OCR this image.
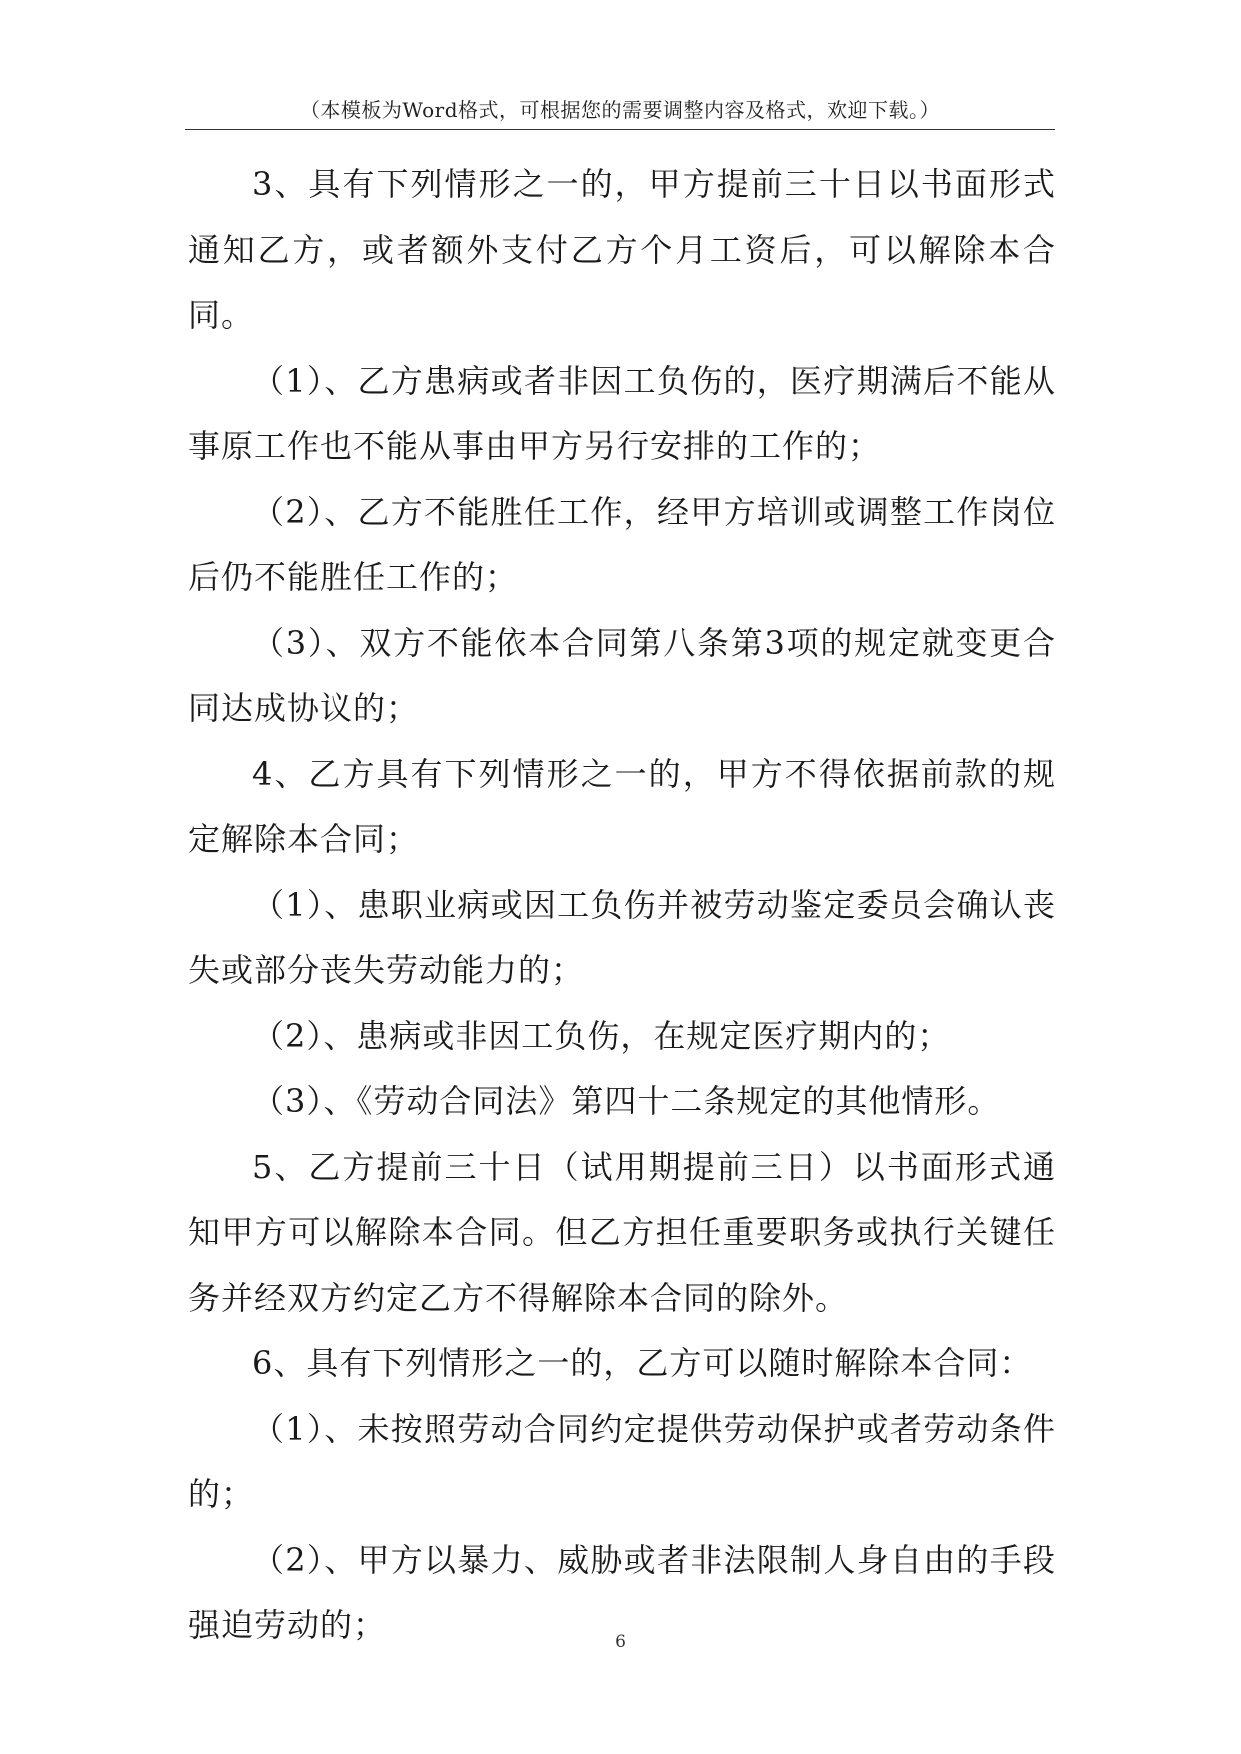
（本模板为Word格式，可根据您的需要调整内容及格式，欢迎下载。）

3、具有下列情形之一的，甲方提前三十日以书面形式通知乙方，或者额外支付乙方个月工资后，可以解除本合同。

（1）、乙方患病或者非因工负伤的，医疗期满后不能从事原工作也不能从事由甲方另行安排的工作的；

（2）、乙方不能胜任工作，经甲方培训或调整工作岗位后仍不能胜任工作的；

（3）、双方不能依本合同第八条第3项的规定就变更合同达成协议的；

4、乙方具有下列情形之一的，甲方不得依据前款的规定解除本合同；

（1）、患职业病或因工负伤并被劳动鉴定委员会确认丧失或部分丧失劳动能力的；

（2）、患病或非因工负伤，在规定医疗期内的；

（3）、《劳动合同法》第四十二条规定的其他情形。

5、乙方提前三十日（试用期提前三日）以书面形式通知甲方可以解除本合同。但乙方担任重要职务或执行关键任务并经双方约定乙方不得解除本合同的除外。

6、具有下列情形之一的，乙方可以随时解除本合同：

（1）、未按照劳动合同约定提供劳动保护或者劳动条件的；

（2）、甲方以暴力、威胁或者非法限制人身自由的手段强迫劳动的；	6
